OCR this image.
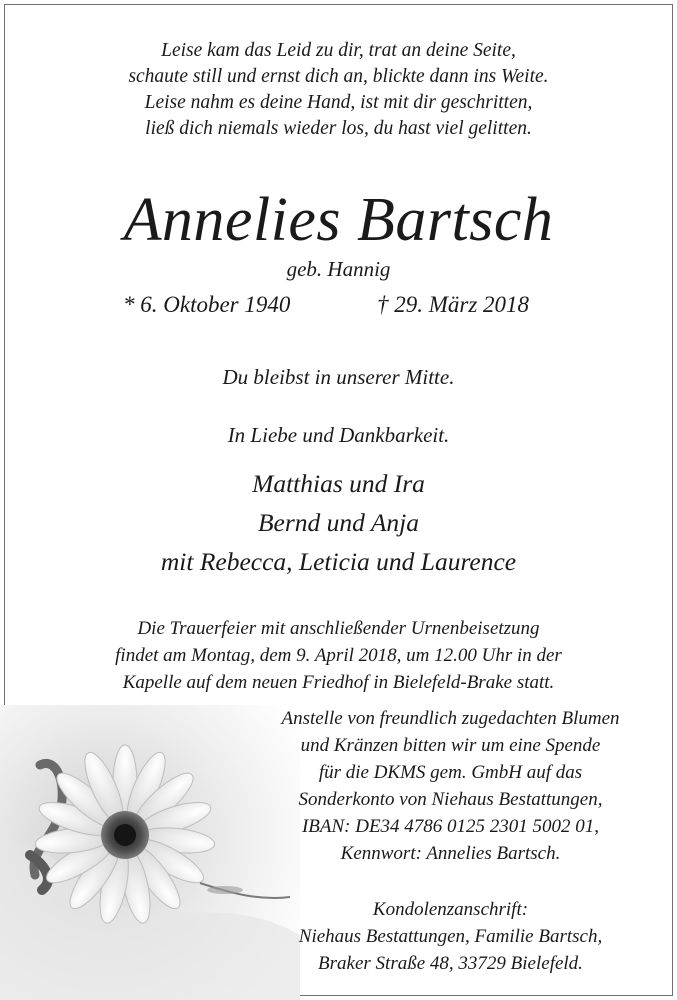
Leise kam das Leid zu dir, trat an deine Seite,
schaute still und ernst dich an, blickte dann ins Weite.
Leise nahm es deine Hand, ist mit dir geschritten,
ließ dich niemals wieder los, du hast viel gelitten.
Annelies Bartsch
geb. Hannig
* 6. Oktober 1940	† 29. März 2018
Du bleibst in unserer Mitte.
In Liebe und Dankbarkeit.
Matthias und Ira
Bernd und Anja
mit Rebecca, Leticia und Laurence
Die Trauerfeier mit anschließender Urnenbeisetzung
findet am Montag, dem 9. April 2018, um 12.00 Uhr in der
Kapelle auf dem neuen Friedhof in Bielefeld-Brake statt.
Anstelle von freundlich zugedachten Blumen
und Kränzen bitten wir um eine Spende
für die DKMS gem. GmbH auf das
Sonderkonto von Niehaus Bestattungen,
IBAN: DE34 4786 0125 2301 5002 01,
Kennwort: Annelies Bartsch.
Kondolenzanschrift:
Niehaus Bestattungen, Familie Bartsch,
Braker Straße 48, 33729 Bielefeld.
